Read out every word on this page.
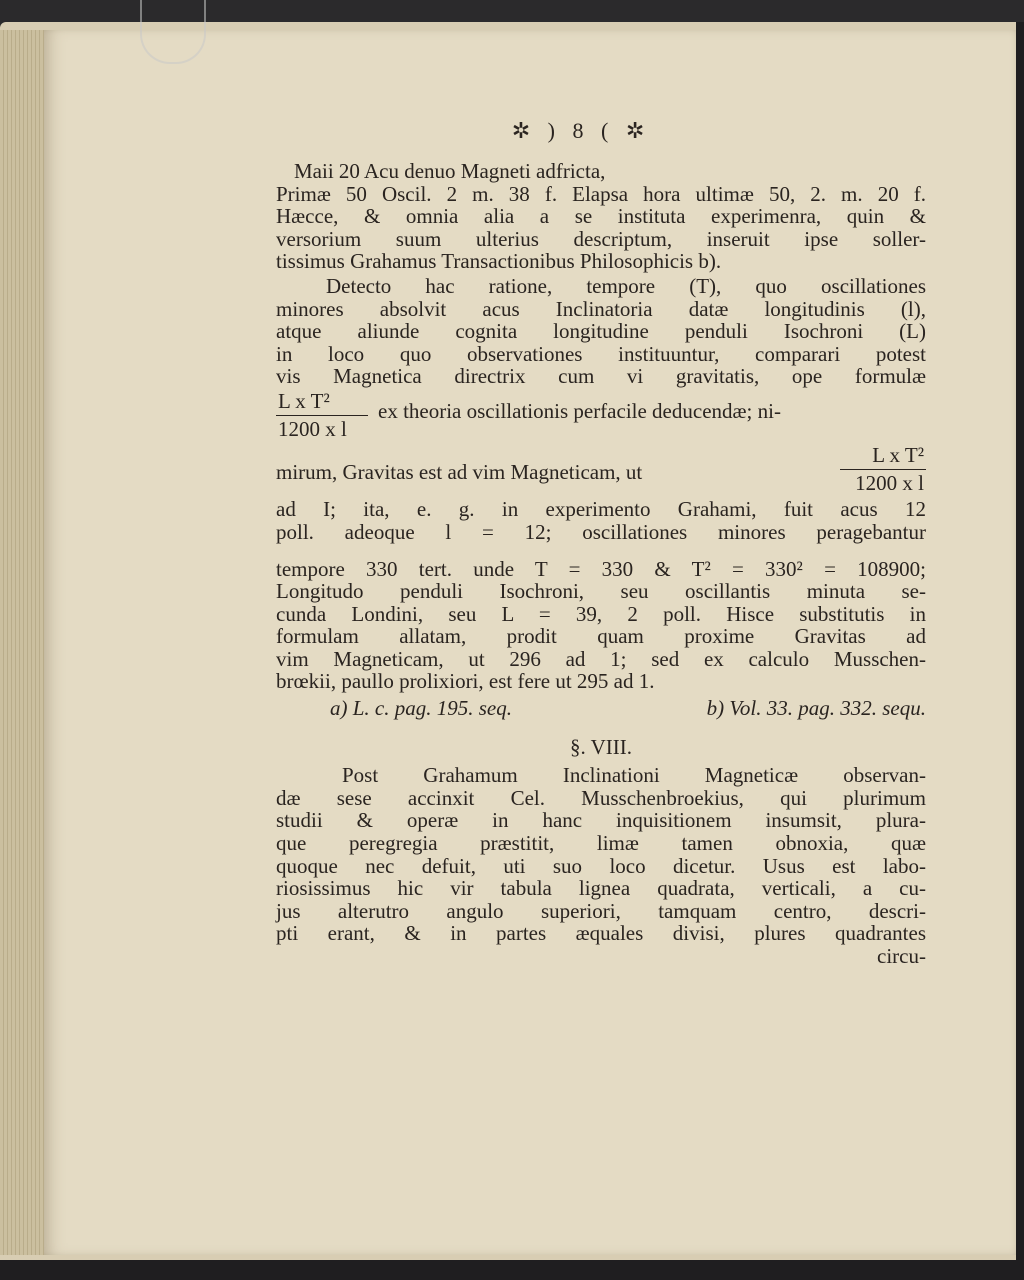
✲ ) 8 ( ✲
Maii 20 Acu denuo Magneti adfricta,
Primæ 50 Oscil. 2 m. 38 f. Elapsa hora ultimæ 50, 2. m. 20 f.
Hæcce, & omnia alia a se instituta experimenra, quin &
versorium suum ulterius descriptum, inseruit ipse soller-
tissimus Grahamus Transactionibus Philosophicis b).
Detecto hac ratione, tempore (T), quo oscillationes
minores absolvit acus Inclinatoria datæ longitudinis (l),
atque aliunde cognita longitudine penduli Isochroni (L)
in loco quo observationes instituuntur, comparari potest
vis Magnetica directrix cum vi gravitatis, ope formulæ
$\frac{\text{L x T²}}{\text{1200 x l}}$ ex theoria oscillationis perfacile deducendæ; ni-
mirum, Gravitas est ad vim Magneticam, ut	$\frac{\text{L x T²}}{\text{1200 x l}}$
ad I; ita, e. g. in experimento Grahami, fuit acus 12
poll. adeoque l = 12; oscillationes minores peragebantur
tempore 330 tert. unde T = 330 & T² = 330² = 108900;
Longitudo penduli Isochroni, seu oscillantis minuta se-
cunda Londini, seu L = 39, 2 poll. Hisce substitutis in
formulam allatam, prodit quam proxime Gravitas ad
vim Magneticam, ut 296 ad 1; sed ex calculo Musschen-
brœkii, paullo prolixiori, est fere ut 295 ad 1.
a) L. c. pag. 195. seq.	b) Vol. 33. pag. 332. sequ.
§. VIII.
Post Grahamum Inclinationi Magneticæ observan-
dæ sese accinxit Cel. Musschenbroekius, qui plurimum
studii & operæ in hanc inquisitionem insumsit, plura-
que peregregia præstitit, limæ tamen obnoxia, quæ
quoque nec defuit, uti suo loco dicetur. Usus est labo-
riosissimus hic vir tabula lignea quadrata, verticali, a cu-
jus alterutro angulo superiori, tamquam centro, descri-
pti erant, & in partes æquales divisi, plures quadrantes
circu-
